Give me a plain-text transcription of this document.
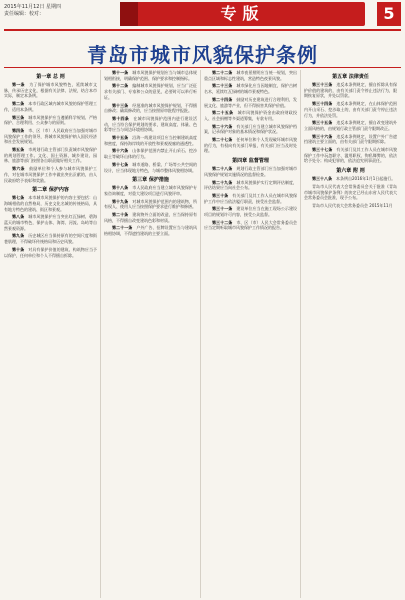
2015年11月12日 星期四
责任编辑：校对：	专版	5
青岛市城市风貌保护条例
第一章 总 则

第一条　 为了保护城市风貌特色，延续城市文脉，传承历史文化，根据有关法律、法规，结合本市实际，制定本条例。

第二条　 本市行政区域内城市风貌的保护管理工作，适用本条例。

第三条　 城市风貌保护应当遵循科学规划、严格保护、合理利用、公众参与的原则。

第四条　 市、区（市）人民政府应当加强对城市风貌保护工作的领导，将城市风貌保护纳入国民经济和社会发展规划。

第五条　 市规划行政主管部门负责城市风貌保护的规划管理工作。文化、国土资源、城乡建设、园林、旅游等部门按照各自职责做好相关工作。

第六条　 鼓励单位和个人参与城市风貌保护工作，对在城市风貌保护工作中做出突出贡献的，由人民政府给予表彰和奖励。

第二章 保护内容

第七条　 本市城市风貌保护的内容主要包括：山海城相依的自然格局，历史文化名城的传统格局，具有地方特色的建筑、街区和景观。

第八条　 城市风貌保护应当突出红瓦绿树、碧海蓝天的城市特色，保护山体、海湾、河流、岛屿等自然景观资源。

第九条　 历史城区应当保持原有的空间尺度和街巷肌理，不得破坏传统格局和历史风貌。

第十条　 对具有保护价值的建筑、构筑物应当予以保护，任何单位和个人不得擅自拆除。

第十一条　 城市风貌保护规划应当与城市总体规划相衔接，明确保护范围、保护要求和控制指标。

第十二条　 编制城市风貌保护规划，应当广泛征求有关部门、专家和公众的意见，必要时可以举行听证。

第十三条　 经批准的城市风貌保护规划，不得擅自修改；确需修改的，应当按照原审批程序报批。

第十四条　 在城市风貌保护范围内进行建设活动，应当符合保护规划的要求，建筑高度、体量、色彩等应当与周边环境相协调。

第十五条　 沿海一线建设项目应当控制建筑高度和密度，保持海岸线的开放性和景观视廊的通透性。

第十六条　 山体保护范围内禁止开山采石、挖沙取土等破坏山体的行为。

第十七条　 城市道路、桥梁、广场等公共空间的设计，应当体现地方特色，与城市整体风貌相协调。

第三章 保护措施

第十八条　 市人民政府应当建立城市风貌保护专家咨询制度，对重大建设项目进行风貌评审。

第十九条　 对城市风貌保护范围内的建筑物，所有权人、使用人应当按照保护要求进行维护和修缮。

第二十条　 建筑物外立面的改造，应当保持原有风格，不得擅自改变建筑色彩和材质。

第二十一条　 户外广告、招牌设置应当与建筑风格相协调，不得遮挡建筑的主要立面。

第二十二条　 城市夜景照明应当统一规划，突出重点区域和标志性建筑，营造特色夜景风貌。

第二十三条　 城市绿化应当因地制宜，保护古树名木，延续红瓦绿树的城市景观特色。

第二十四条　 鼓励对历史建筑进行合理利用，发展文化、旅游等产业，但不得损害其保护价值。

第二十五条　 城市风貌保护资金由政府财政投入、社会捐赠等多渠道筹集，专款专用。

第二十六条　 有关部门应当建立城市风貌保护档案，记录保护对象的基本情况和保护状况。

第二十七条　 任何单位和个人发现破坏城市风貌的行为，有权向有关部门举报，有关部门应当及时处理。

第四章 监督管理

第二十八条　 规划行政主管部门应当加强对城市风貌保护规划实施情况的监督检查。

第二十九条　 城市风貌保护实行定期评估制度，评估结果应当向社会公布。

第三十条　 有关部门及其工作人员在城市风貌保护工作中应当依法履行职责，接受社会监督。

第三十一条　 建设单位应当在施工现场公示建设项目的规划许可内容，接受公众监督。

第三十二条　 市、区（市）人民大会常务委员会应当定期听取城市风貌保护工作情况的报告。

第五章 法律责任

第三十三条　 违反本条例规定，擅自拆除具有保护价值的建筑的，由有关部门责令停止违法行为，限期恢复原状，并处以罚款。

第三十四条　 违反本条例规定，在山体保护范围内开山采石、挖沙取土的，由有关部门责令停止违法行为，并依法处罚。

第三十五条　 违反本条例规定，擅自改变建筑外立面风格的，由规划行政主管部门责令限期改正。

第三十六条　 违反本条例规定，设置户外广告遮挡建筑主要立面的，由有关部门责令限期拆除。

第三十七条　 有关部门及其工作人员在城市风貌保护工作中玩忽职守、滥用职权、徇私舞弊的，依法给予处分；构成犯罪的，依法追究刑事责任。

第六章 附 则

第三十八条　 本条例自2016年1月1日起施行。

青岛市人民代表大会常务委员会关于批准《青岛市城市风貌保护条例》的决定已经山东省人民代表大会常务委员会批准，现予公布。

青岛市人民代表大会常务委员会 2015年11月
